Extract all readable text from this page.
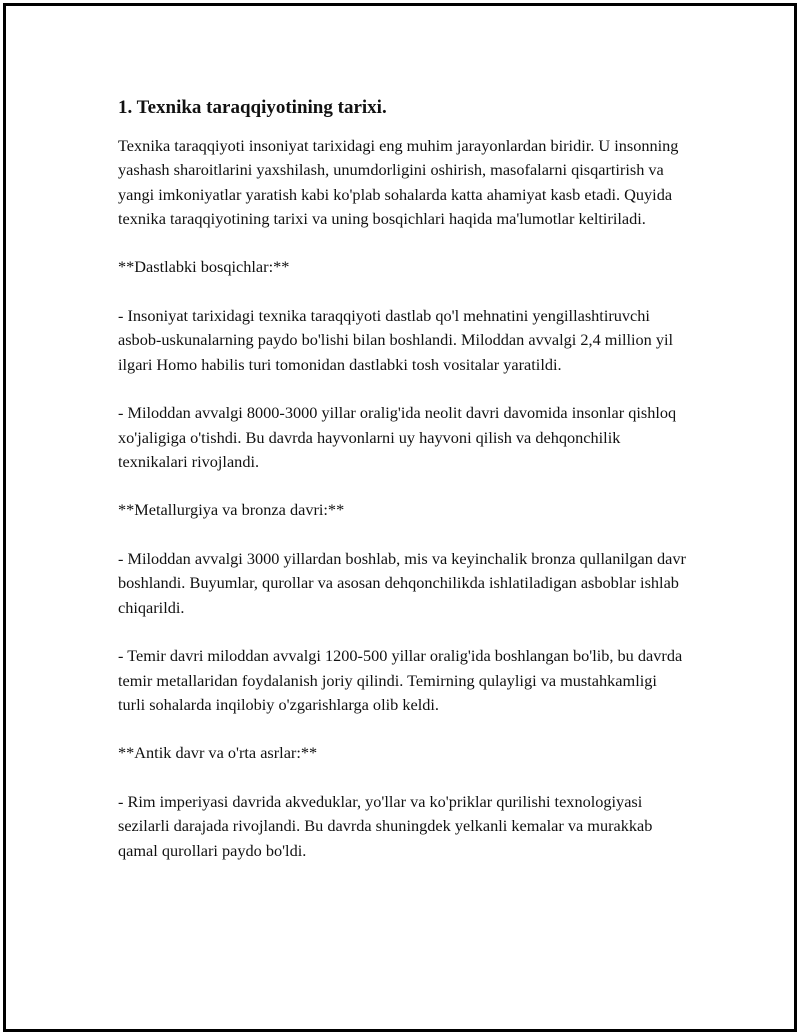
1. Texnika taraqqiyotining tarixi.

Texnika taraqqiyoti insoniyat tarixidagi eng muhim jarayonlardan biridir. U insonning yashash sharoitlarini yaxshilash, unumdorligini oshirish, masofalarni qisqartirish va yangi imkoniyatlar yaratish kabi ko'plab sohalarda katta ahamiyat kasb etadi. Quyida texnika taraqqiyotining tarixi va uning bosqichlari haqida ma'lumotlar keltiriladi.

**Dastlabki bosqichlar:**

- Insoniyat tarixidagi texnika taraqqiyoti dastlab qo'l mehnatini yengillashtiruvchi asbob-uskunalarning paydo bo'lishi bilan boshlandi. Miloddan avvalgi 2,4 million yil ilgari Homo habilis turi tomonidan dastlabki tosh vositalar yaratildi.

- Miloddan avvalgi 8000-3000 yillar oralig'ida neolit davri davomida insonlar qishloq xo'jaligiga o'tishdi. Bu davrda hayvonlarni uy hayvoni qilish va dehqonchilik texnikalari rivojlandi.

**Metallurgiya va bronza davri:**

- Miloddan avvalgi 3000 yillardan boshlab, mis va keyinchalik bronza qullanilgan davr boshlandi. Buyumlar, qurollar va asosan dehqonchilikda ishlatiladigan asboblar ishlab chiqarildi.

- Temir davri miloddan avvalgi 1200-500 yillar oralig'ida boshlangan bo'lib, bu davrda temir metallaridan foydalanish joriy qilindi. Temirning qulayligi va mustahkamligi turli sohalarda inqilobiy o'zgarishlarga olib keldi.

**Antik davr va o'rta asrlar:**

- Rim imperiyasi davrida akveduklar, yo'llar va ko'priklar qurilishi texnologiyasi sezilarli darajada rivojlandi. Bu davrda shuningdek yelkanli kemalar va murakkab qamal qurollari paydo bo'ldi.
